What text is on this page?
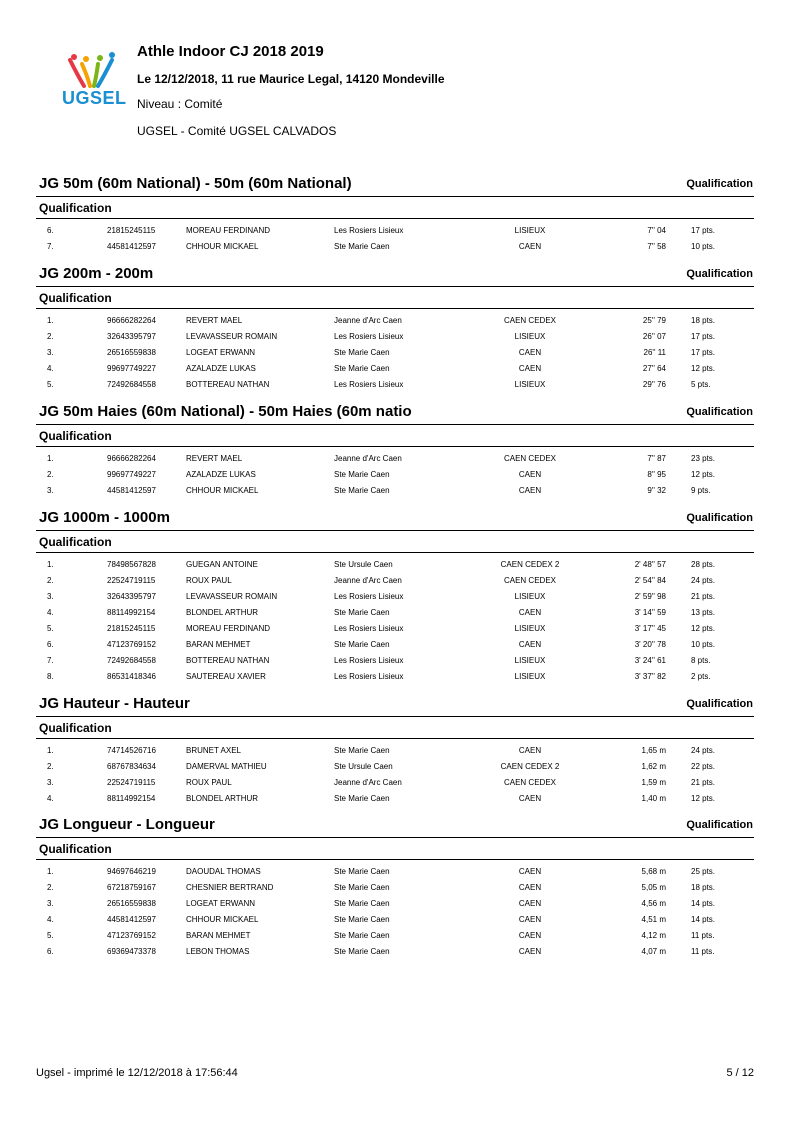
UGSEL
Athle Indoor CJ 2018 2019
Le 12/12/2018, 11 rue Maurice Legal, 14120 Mondeville
Niveau : Comité
UGSEL - Comité UGSEL CALVADOS
JG 50m (60m National) - 50m (60m National)	Qualification
Qualification
6.	21815245115	MOREAU FERDINAND	Les Rosiers Lisieux	LISIEUX	7'' 04	17 pts.
7.	44581412597	CHHOUR MICKAEL	Ste Marie Caen	CAEN	7'' 58	10 pts.
JG 200m - 200m	Qualification
Qualification
1.	96666282264	REVERT MAEL	Jeanne d'Arc Caen	CAEN CEDEX	25'' 79	18 pts.
2.	32643395797	LEVAVASSEUR ROMAIN	Les Rosiers Lisieux	LISIEUX	26'' 07	17 pts.
3.	26516559838	LOGEAT ERWANN	Ste Marie Caen	CAEN	26'' 11	17 pts.
4.	99697749227	AZALADZE LUKAS	Ste Marie Caen	CAEN	27'' 64	12 pts.
5.	72492684558	BOTTEREAU NATHAN	Les Rosiers Lisieux	LISIEUX	29'' 76	5 pts.
JG 50m Haies (60m National) - 50m Haies (60m natio	Qualification
Qualification
1.	96666282264	REVERT MAEL	Jeanne d'Arc Caen	CAEN CEDEX	7'' 87	23 pts.
2.	99697749227	AZALADZE LUKAS	Ste Marie Caen	CAEN	8'' 95	12 pts.
3.	44581412597	CHHOUR MICKAEL	Ste Marie Caen	CAEN	9'' 32	9 pts.
JG 1000m - 1000m	Qualification
Qualification
1.	78498567828	GUEGAN ANTOINE	Ste Ursule Caen	CAEN CEDEX 2	2' 48'' 57	28 pts.
2.	22524719115	ROUX PAUL	Jeanne d'Arc Caen	CAEN CEDEX	2' 54'' 84	24 pts.
3.	32643395797	LEVAVASSEUR ROMAIN	Les Rosiers Lisieux	LISIEUX	2' 59'' 98	21 pts.
4.	88114992154	BLONDEL ARTHUR	Ste Marie Caen	CAEN	3' 14'' 59	13 pts.
5.	21815245115	MOREAU FERDINAND	Les Rosiers Lisieux	LISIEUX	3' 17'' 45	12 pts.
6.	47123769152	BARAN MEHMET	Ste Marie Caen	CAEN	3' 20'' 78	10 pts.
7.	72492684558	BOTTEREAU NATHAN	Les Rosiers Lisieux	LISIEUX	3' 24'' 61	8 pts.
8.	86531418346	SAUTEREAU XAVIER	Les Rosiers Lisieux	LISIEUX	3' 37'' 82	2 pts.
JG Hauteur - Hauteur	Qualification
Qualification
1.	74714526716	BRUNET AXEL	Ste Marie Caen	CAEN	1,65 m	24 pts.
2.	68767834634	DAMERVAL MATHIEU	Ste Ursule Caen	CAEN CEDEX 2	1,62 m	22 pts.
3.	22524719115	ROUX PAUL	Jeanne d'Arc Caen	CAEN CEDEX	1,59 m	21 pts.
4.	88114992154	BLONDEL ARTHUR	Ste Marie Caen	CAEN	1,40 m	12 pts.
JG Longueur - Longueur	Qualification
Qualification
1.	94697646219	DAOUDAL THOMAS	Ste Marie Caen	CAEN	5,68 m	25 pts.
2.	67218759167	CHESNIER BERTRAND	Ste Marie Caen	CAEN	5,05 m	18 pts.
3.	26516559838	LOGEAT ERWANN	Ste Marie Caen	CAEN	4,56 m	14 pts.
4.	44581412597	CHHOUR MICKAEL	Ste Marie Caen	CAEN	4,51 m	14 pts.
5.	47123769152	BARAN MEHMET	Ste Marie Caen	CAEN	4,12 m	11 pts.
6.	69369473378	LEBON THOMAS	Ste Marie Caen	CAEN	4,07 m	11 pts.
Ugsel - imprimé le 12/12/2018 à 17:56:44	5 / 12
